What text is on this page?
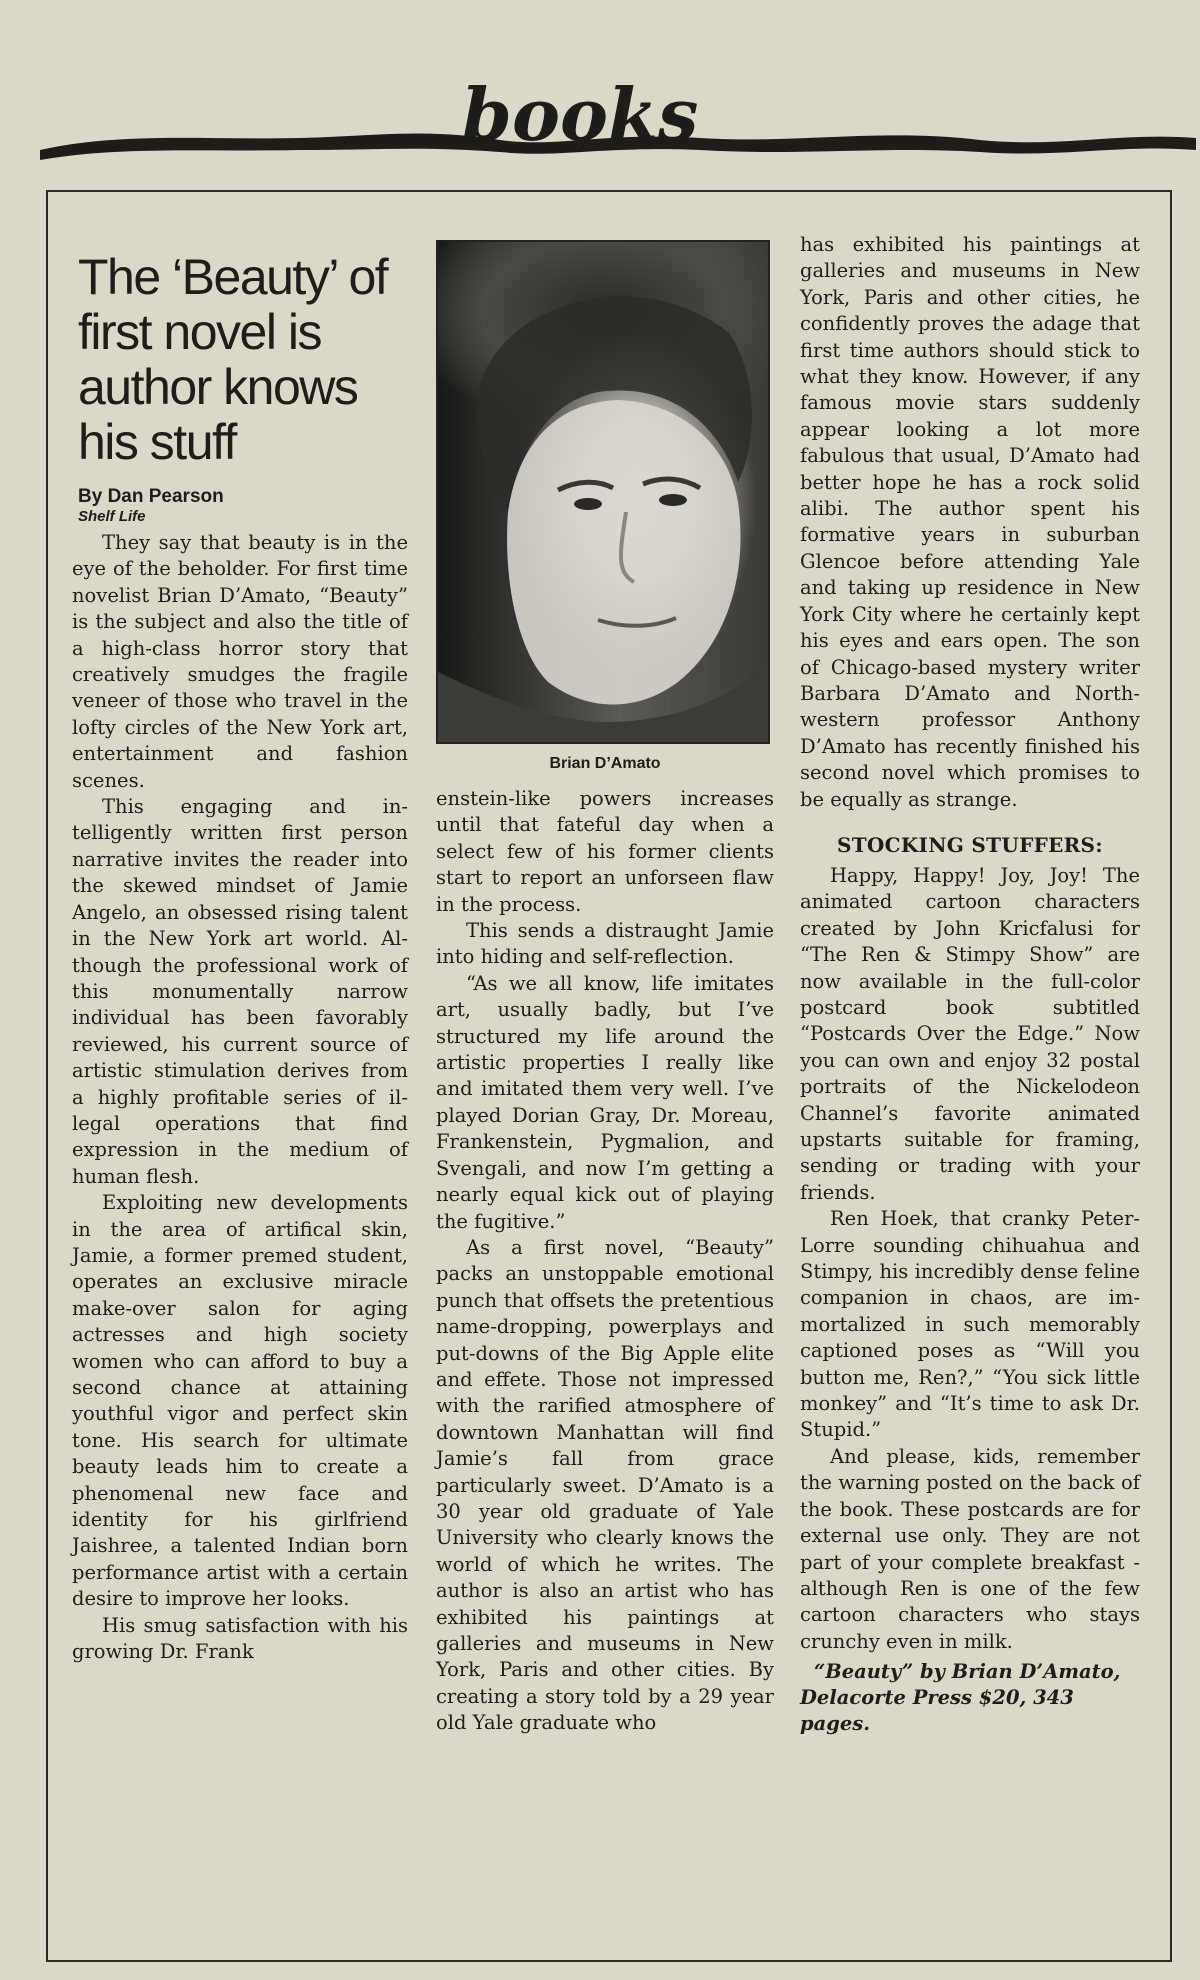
books
The ‘Beauty’ of first novel is author knows his stuff
By Dan Pearson
Shelf Life

They say that beauty is in the eye of the beholder. For first time novelist Brian D’Amato, “Beauty” is the subject and also the title of a high-class horror story that creatively smudges the fragile veneer of those who travel in the lofty circles of the New York art, entertainment and fashion scenes.

This engaging and intelligently written first person narrative invites the reader into the skewed mindset of Jamie Angelo, an obsessed rising talent in the New York art world. Although the professional work of this monumentally narrow individual has been favorably reviewed, his current source of artistic stimulation derives from a highly profitable series of illegal operations that find expression in the medium of human flesh.

Exploiting new developments in the area of artifical skin, Jamie, a former premed student, operates an exclusive miracle make-over salon for aging actresses and high society women who can afford to buy a second chance at attaining youthful vigor and perfect skin tone. His search for ultimate beauty leads him to create a phenomenal new face and identity for his girlfriend Jaishree, a talented Indian born performance artist with a certain desire to improve her looks.

His smug satisfaction with his growing Dr. Frank

Brian D’Amato

enstein-like powers increases until that fateful day when a select few of his former clients start to report an unforseen flaw in the process.

This sends a distraught Jamie into hiding and self-reflection.

“As we all know, life imitates art, usually badly, but I’ve structured my life around the artistic properties I really like and imitated them very well. I’ve played Dorian Gray, Dr. Moreau, Frankenstein, Pygmalion, and Svengali, and now I’m getting a nearly equal kick out of playing the fugitive.”

As a first novel, “Beauty” packs an unstoppable emotional punch that offsets the pretentious name-dropping, powerplays and put-downs of the Big Apple elite and effete. Those not impressed with the rarified atmosphere of downtown Manhattan will find Jamie’s fall from grace particularly sweet. D’Amato is a 30 year old graduate of Yale University who clearly knows the world of which he writes. The author is also an artist who has exhibited his paintings at galleries and museums in New York, Paris and other cities. By creating a story told by a 29 year old Yale graduate who

has exhibited his paintings at galleries and museums in New York, Paris and other cities, he confidently proves the adage that first time authors should stick to what they know. However, if any famous movie stars suddenly appear looking a lot more fabulous that usual, D’Amato had better hope he has a rock solid alibi. The author spent his formative years in suburban Glencoe before attending Yale and taking up residence in New York City where he certainly kept his eyes and ears open. The son of Chicago-based mystery writer Barbara D’Amato and Northwestern professor Anthony D’Amato has recently finished his second novel which promises to be equally as strange.

STOCKING STUFFERS:

Happy, Happy! Joy, Joy! The animated cartoon characters created by John Kricfalusi for “The Ren & Stimpy Show” are now available in the full-color postcard book subtitled “Postcards Over the Edge.” Now you can own and enjoy 32 postal portraits of the Nickelodeon Channel’s favorite animated upstarts suitable for framing, sending or trading with your friends.

Ren Hoek, that cranky Peter-Lorre sounding chihuahua and Stimpy, his incredibly dense feline companion in chaos, are immortalized in such memorably captioned poses as “Will you button me, Ren?,” “You sick little monkey” and “It’s time to ask Dr. Stupid.”

And please, kids, remember the warning posted on the back of the book. These postcards are for external use only. They are not part of your complete breakfast - although Ren is one of the few cartoon characters who stays crunchy even in milk.

“Beauty” by Brian D’Amato, Delacorte Press $20, 343 pages.
